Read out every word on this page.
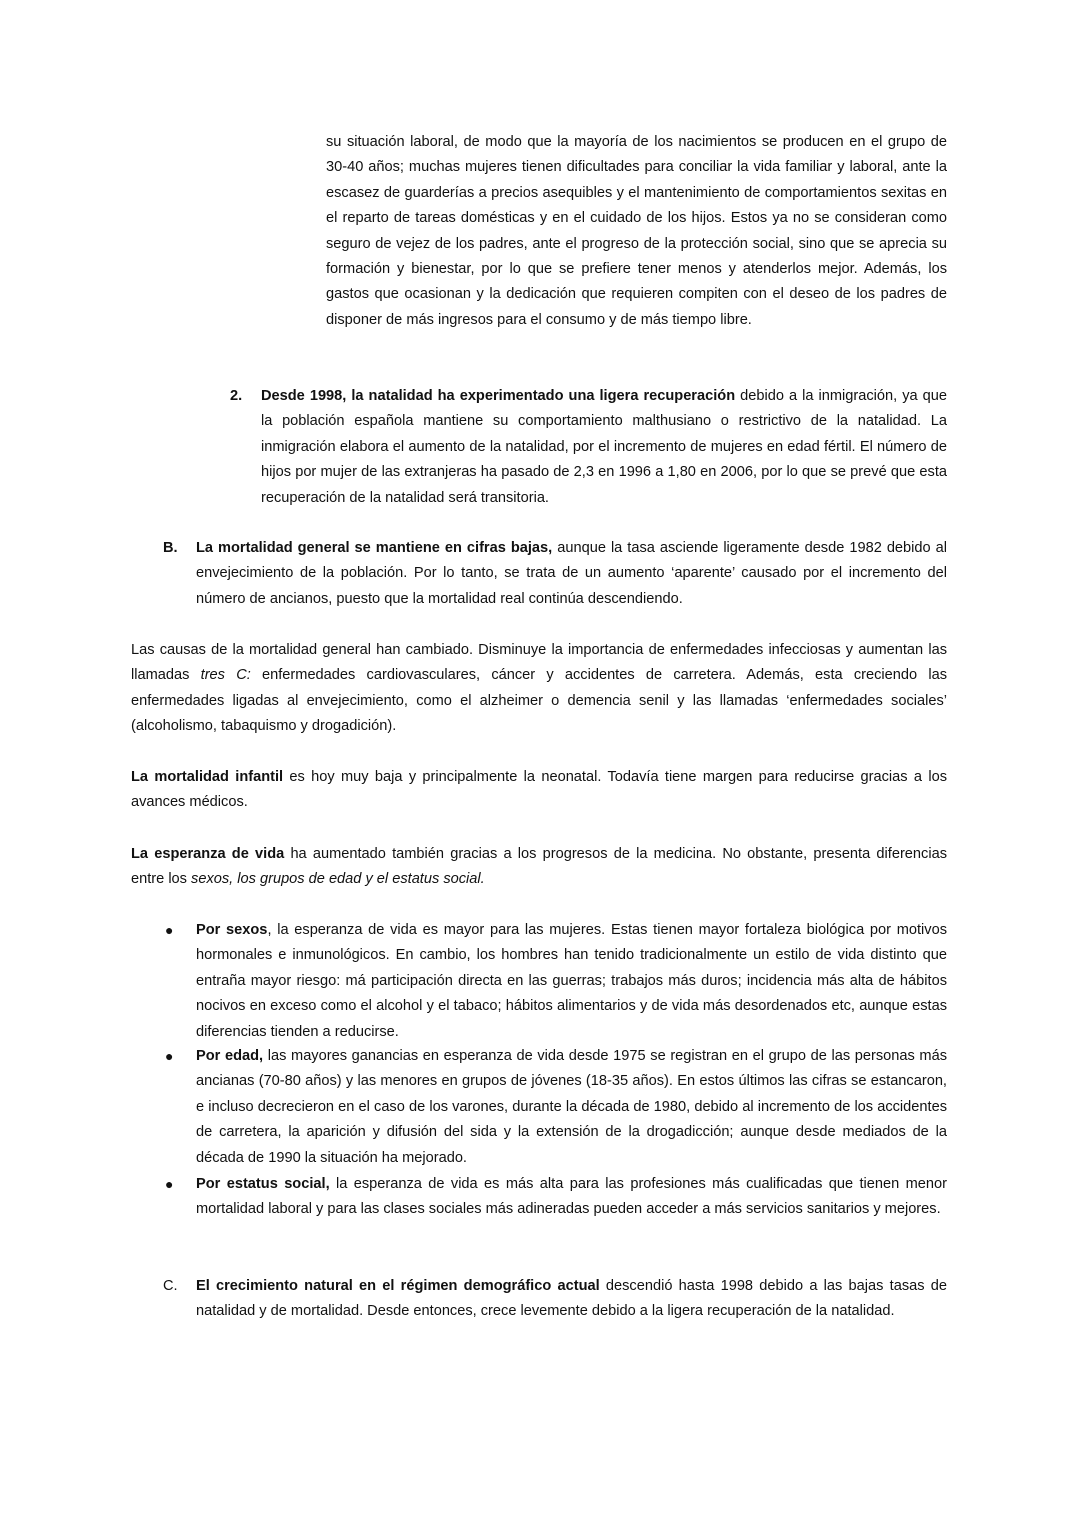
su situación laboral, de modo que la mayoría de los nacimientos se producen en el grupo de 30-40 años; muchas mujeres tienen dificultades para conciliar la vida familiar y laboral, ante la escasez de guarderías a precios asequibles y el mantenimiento de comportamientos sexitas en el reparto de tareas domésticas y en el cuidado de los hijos. Estos ya no se consideran como seguro de vejez de los padres, ante el progreso de la protección social, sino que se aprecia su formación y bienestar, por lo que se prefiere tener menos y atenderlos mejor. Además, los gastos que ocasionan y la dedicación que requieren compiten con el deseo de los padres de disponer de más ingresos para el consumo y de más tiempo libre.
2. Desde 1998, la natalidad ha experimentado una ligera recuperación debido a la inmigración, ya que la población española mantiene su comportamiento malthusiano o restrictivo de la natalidad. La inmigración elabora el aumento de la natalidad, por el incremento de mujeres en edad fértil. El número de hijos por mujer de las extranjeras ha pasado de 2,3 en 1996 a 1,80 en 2006, por lo que se prevé que esta recuperación de la natalidad será transitoria.
B. La mortalidad general se mantiene en cifras bajas, aunque la tasa asciende ligeramente desde 1982 debido al envejecimiento de la población. Por lo tanto, se trata de un aumento ‘aparente’ causado por el incremento del número de ancianos, puesto que la mortalidad real continúa descendiendo.
Las causas de la mortalidad general han cambiado. Disminuye la importancia de enfermedades infecciosas y aumentan las llamadas tres C: enfermedades cardiovasculares, cáncer y accidentes de carretera. Además, esta creciendo las enfermedades ligadas al envejecimiento, como el alzheimer o demencia senil y las llamadas ‘enfermedades sociales’ (alcoholismo, tabaquismo y drogadición).
La mortalidad infantil es hoy muy baja y principalmente la neonatal. Todavía tiene margen para reducirse gracias a los avances médicos.
La esperanza de vida ha aumentado también gracias a los progresos de la medicina. No obstante, presenta diferencias entre los sexos, los grupos de edad y el estatus social.
● Por sexos, la esperanza de vida es mayor para las mujeres. Estas tienen mayor fortaleza biológica por motivos hormonales e inmunológicos. En cambio, los hombres han tenido tradicionalmente un estilo de vida distinto que entraña mayor riesgo: má participación directa en las guerras; trabajos más duros; incidencia más alta de hábitos nocivos en exceso como el alcohol y el tabaco; hábitos alimentarios y de vida más desordenados etc, aunque estas diferencias tienden a reducirse.
● Por edad, las mayores ganancias en esperanza de vida desde 1975 se registran en el grupo de las personas más ancianas (70-80 años) y las menores en grupos de jóvenes (18-35 años). En estos últimos las cifras se estancaron, e incluso decrecieron en el caso de los varones, durante la década de 1980, debido al incremento de los accidentes de carretera, la aparición y difusión del sida y la extensión de la drogadicción; aunque desde mediados de la década de 1990 la situación ha mejorado.
● Por estatus social, la esperanza de vida es más alta para las profesiones más cualificadas que tienen menor mortalidad laboral y para las clases sociales más adineradas pueden acceder a más servicios sanitarios y mejores.
C. El crecimiento natural en el régimen demográfico actual descendió hasta 1998 debido a las bajas tasas de natalidad y de mortalidad. Desde entonces, crece levemente debido a la ligera recuperación de la natalidad.
